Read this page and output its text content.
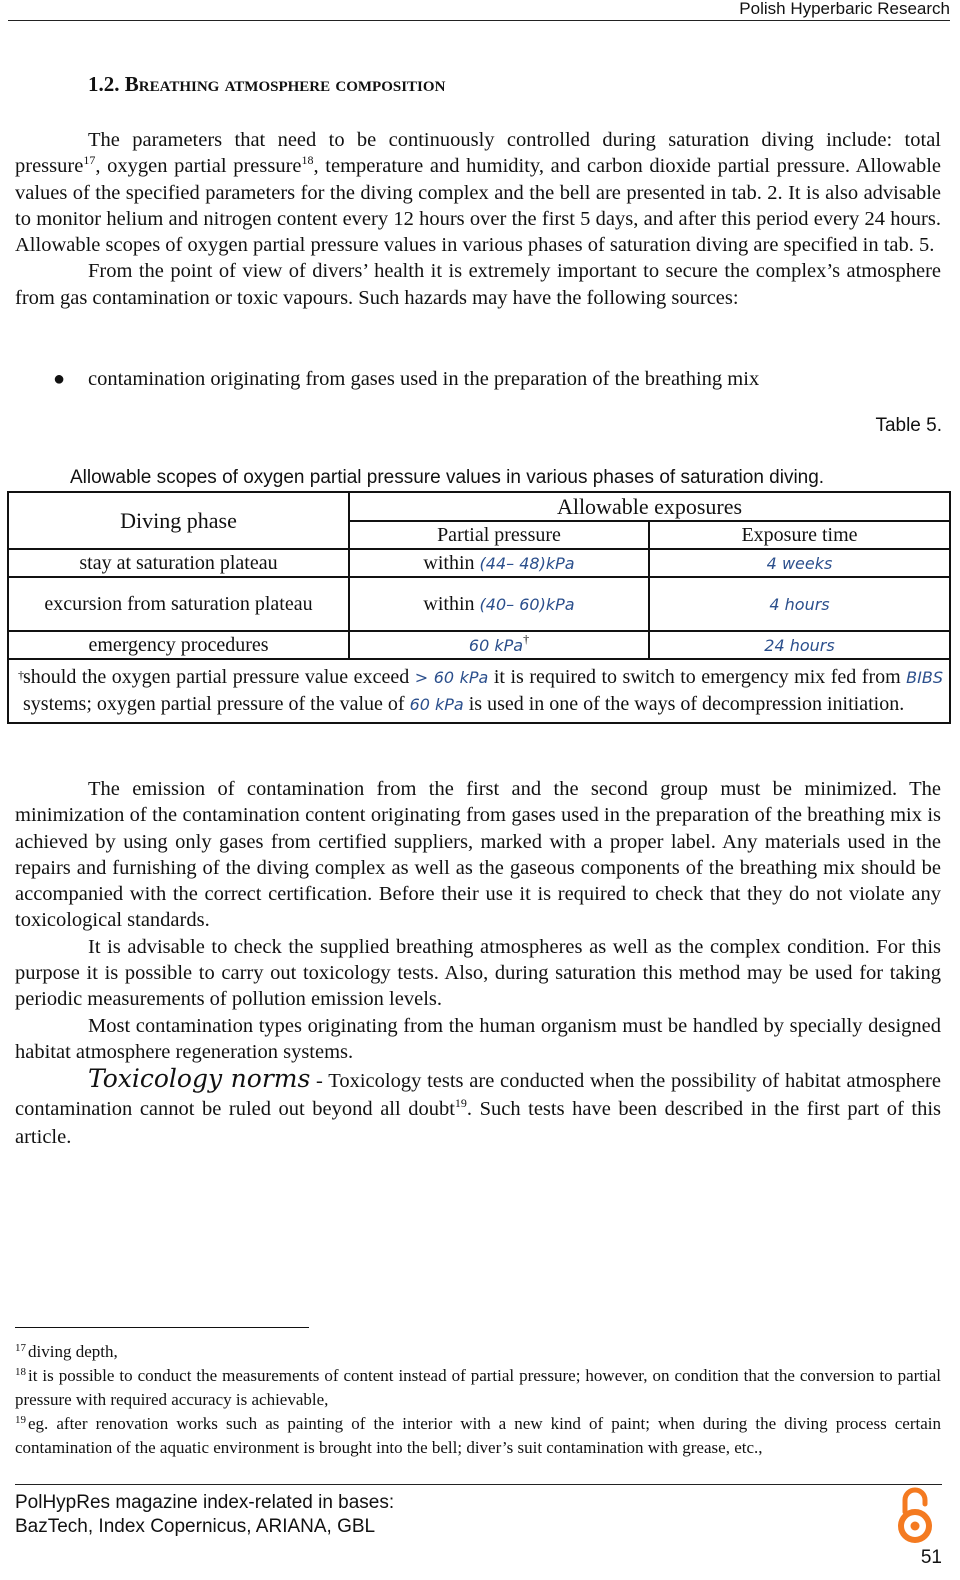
Polish Hyperbaric Research
1.2. Breathing atmosphere composition

The parameters that need to be continuously controlled during saturation diving include: total pressure$^{17}$, oxygen partial pressure$^{18}$, temperature and humidity, and carbon dioxide partial pressure. Allowable values of the specified parameters for the diving complex and the bell are presented in tab. 2. It is also advisable to monitor helium and nitrogen content every 12 hours over the first 5 days, and after this period every 24 hours. Allowable scopes of oxygen partial pressure values in various phases of saturation diving are specified in tab. 5.

From the point of view of divers’ health it is extremely important to secure the complex’s atmosphere from gas contamination or toxic vapours. Such hazards may have the following sources:

● contamination originating from gases used in the preparation of the breathing mix
Table 5.
Allowable scopes of oxygen partial pressure values in various phases of saturation diving.
Diving phase	Allowable exposures	
	Partial pressure	Exposure time
stay at saturation plateau	within (44– 48)kPa	4 weeks
excursion from saturation plateau	within (40– 60)kPa	4 hours
emergency procedures	60 kPa†	24 hours

† should the oxygen partial pressure value exceed > 60 kPa it is required to switch to emergency mix fed from BIBS systems; oxygen partial pressure of the value of 60 kPa is used in one of the ways of decompression initiation.		

The emission of contamination from the first and the second group must be minimized. The minimization of the contamination content originating from gases used in the preparation of the breathing mix is achieved by using only gases from certified suppliers, marked with a proper label. Any materials used in the repairs and furnishing of the diving complex as well as the gaseous components of the breathing mix should be accompanied with the correct certification. Before their use it is required to check that they do not violate any toxicological standards.

It is advisable to check the supplied breathing atmospheres as well as the complex condition. For this purpose it is possible to carry out toxicology tests. Also, during saturation this method may be used for taking periodic measurements of pollution emission levels.

Most contamination types originating from the human organism must be handled by specially designed habitat atmosphere regeneration systems.

Toxicology norms - Toxicology tests are conducted when the possibility of habitat atmosphere contamination cannot be ruled out beyond all doubt$^{19}$. Such tests have been described in the first part of this article.

$^{17}$ diving depth,

$^{18}$ it is possible to conduct the measurements of content instead of partial pressure; however, on condition that the conversion to partial pressure with required accuracy is achievable,

$^{19}$ eg. after renovation works such as painting of the interior with a new kind of paint; when during the diving process certain contamination of the aquatic environment is brought into the bell; diver’s suit contamination with grease, etc.,

PolHypRes magazine index-related in bases:
BazTech, Index Copernicus, ARIANA, GBL
51
